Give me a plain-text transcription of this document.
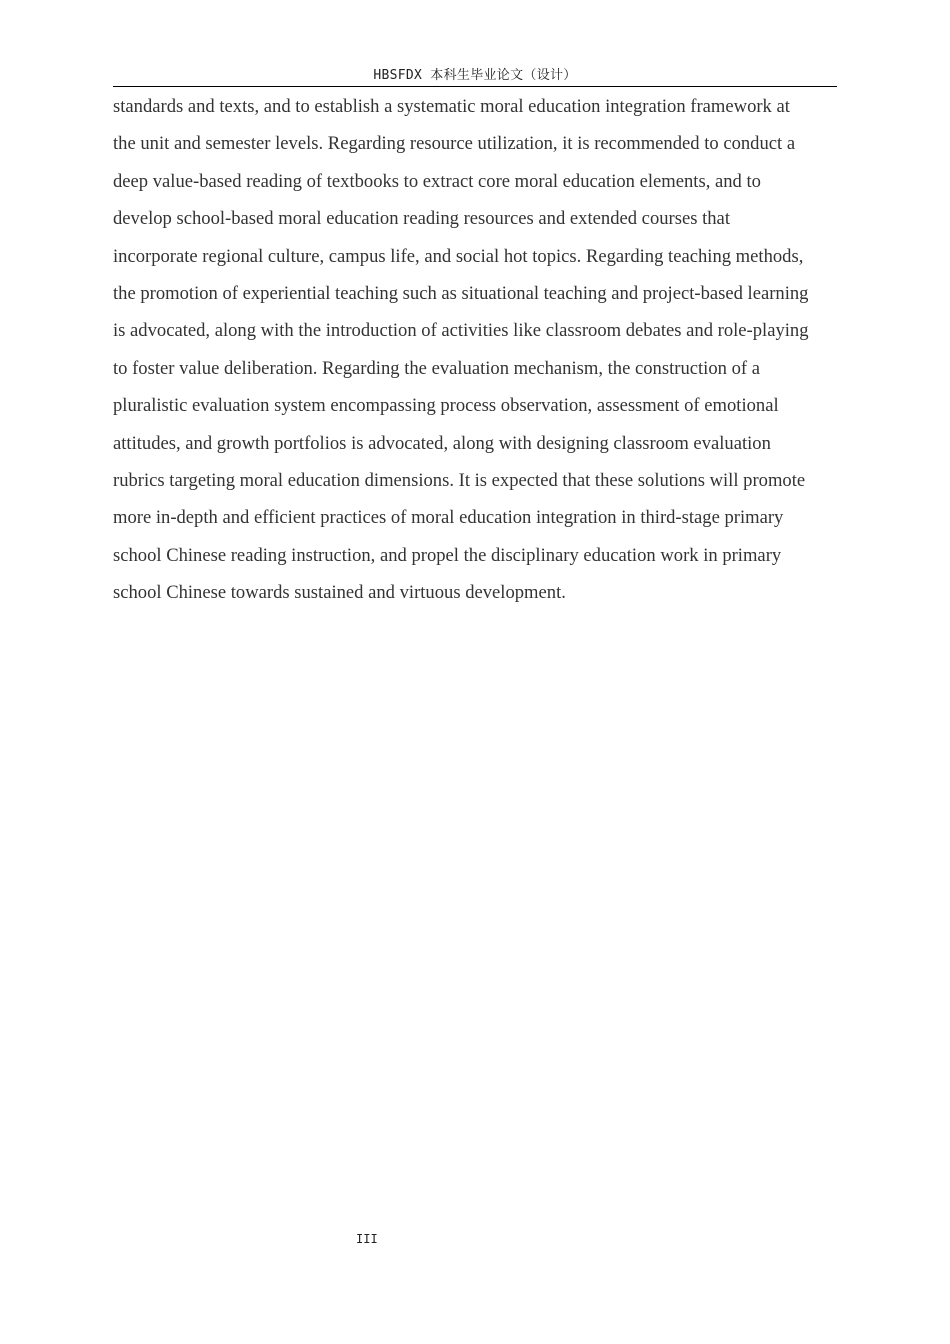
HBSFDX 本科生毕业论文（设计）

standards and texts, and to establish a systematic moral education integration framework at
the unit and semester levels. Regarding resource utilization, it is recommended to conduct a
deep value-based reading of textbooks to extract core moral education elements, and to
develop school-based moral education reading resources and extended courses that
incorporate regional culture, campus life, and social hot topics. Regarding teaching methods,
the promotion of experiential teaching such as situational teaching and project-based learning
is advocated, along with the introduction of activities like classroom debates and role-playing
to foster value deliberation. Regarding the evaluation mechanism, the construction of a
pluralistic evaluation system encompassing process observation, assessment of emotional
attitudes, and growth portfolios is advocated, along with designing classroom evaluation
rubrics targeting moral education dimensions. It is expected that these solutions will promote
more in-depth and efficient practices of moral education integration in third-stage primary
school Chinese reading instruction, and propel the disciplinary education work in primary
school Chinese towards sustained and virtuous development.

III
